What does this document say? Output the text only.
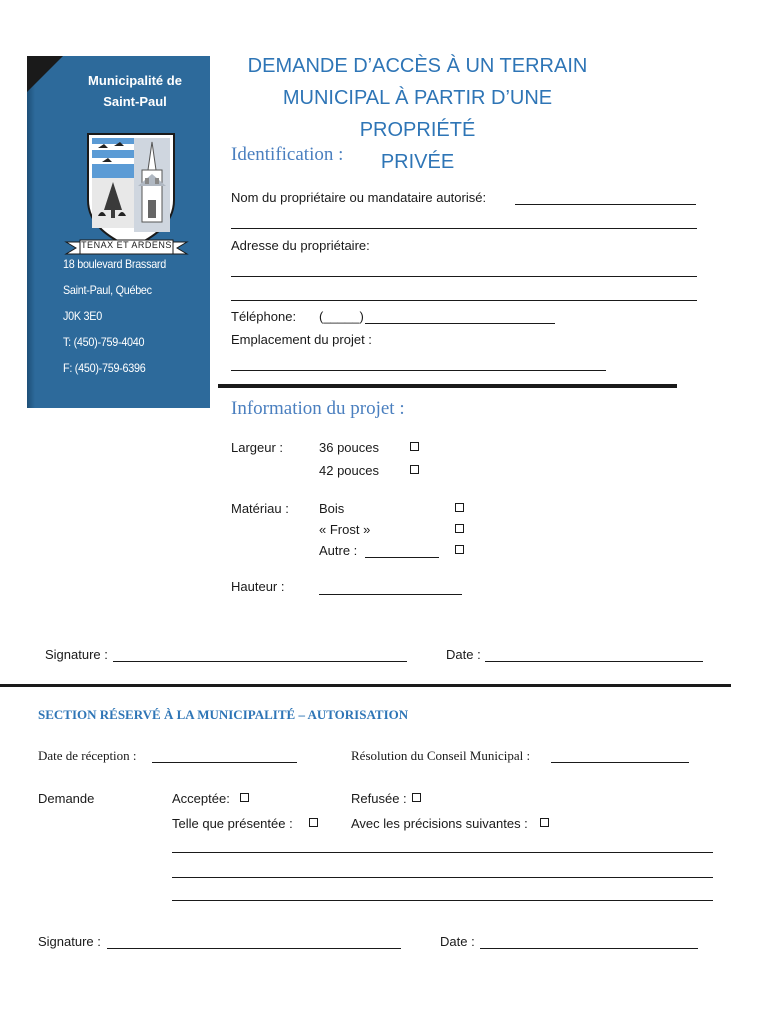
Municipalité de
Saint-Paul
TENAX ET ARDENS
18 boulevard Brassard
Saint-Paul, Québec
J0K 3E0
T: (450)-759-4040
F: (450)-759-6396
DEMANDE D’ACCÈS À UN TERRAIN
MUNICIPAL À PARTIR D’UNE PROPRIÉTÉ
PRIVÉE
Identification :
Nom du propriétaire ou mandataire autorisé:
Adresse du propriétaire:
Téléphone: (_____)
Emplacement du projet :
Information du projet :
Largeur :	36 pouces
42 pouces
Matériau : Bois
« Frost »
Autre :
Hauteur :
Signature :	Date :
SECTION RÉSERVÉ À LA MUNICIPALITÉ – AUTORISATION
Date de réception :	Résolution du Conseil Municipal :
Demande	Acceptée:	Refusée :
Telle que présentée :	Avec les précisions suivantes :
Signature :	Date :
